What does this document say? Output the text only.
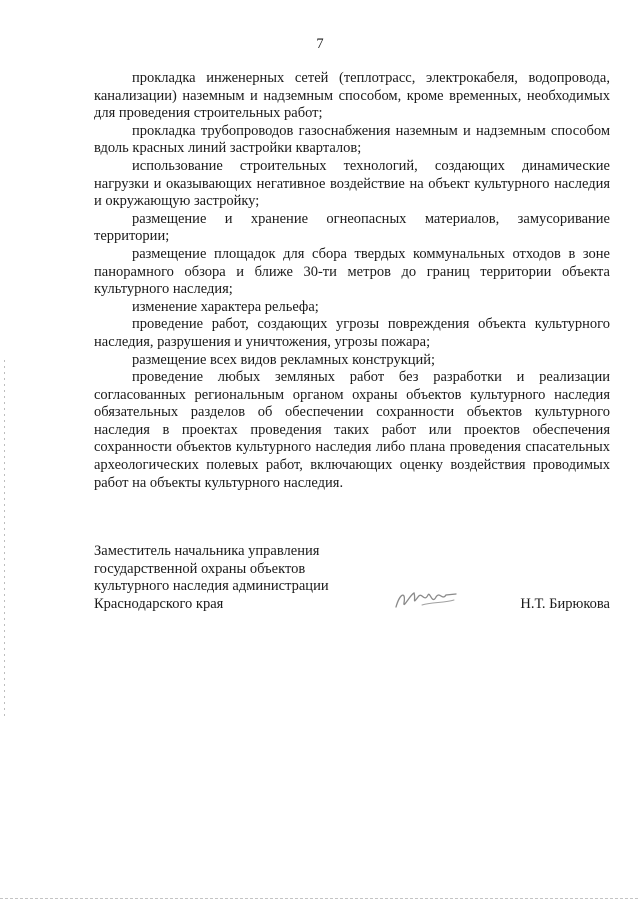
7

прокладка инженерных сетей (теплотрасс, электрокабеля, водопровода, канализации) наземным и надземным способом, кроме временных, необходимых для проведения строительных работ;

прокладка трубопроводов газоснабжения наземным и надземным способом вдоль красных линий застройки кварталов;

использование строительных технологий, создающих динамические нагрузки и оказывающих негативное воздействие на объект культурного наследия и окружающую застройку;

размещение и хранение огнеопасных материалов, замусоривание территории;

размещение площадок для сбора твердых коммунальных отходов в зоне панорамного обзора и ближе 30-ти метров до границ территории объекта культурного наследия;

изменение характера рельефа;

проведение работ, создающих угрозы повреждения объекта культурного наследия, разрушения и уничтожения, угрозы пожара;

размещение всех видов рекламных конструкций;

проведение любых земляных работ без разработки и реализации согласованных региональным органом охраны объектов культурного наследия обязательных разделов об обеспечении сохранности объектов культурного наследия в проектах проведения таких работ или проектов обеспечения сохранности объектов культурного наследия либо плана проведения спасательных археологических полевых работ, включающих оценку воздействия проводимых работ на объекты культурного наследия.

Заместитель начальника управления
государственной охраны объектов
культурного наследия администрации
Краснодарского края	Н.Т. Бирюкова
